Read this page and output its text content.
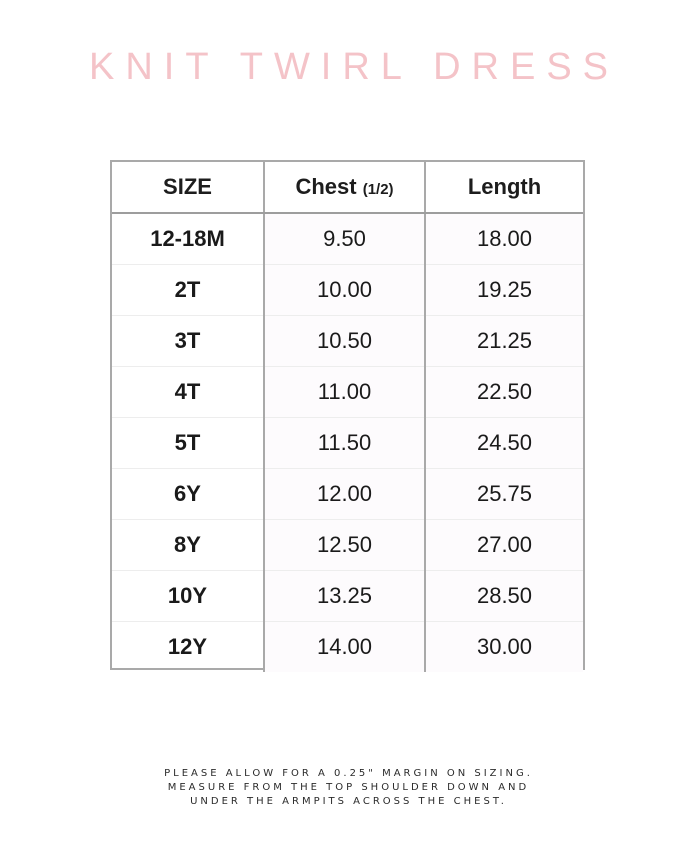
KNIT TWIRL DRESS
SIZE	Chest (1/2)	Length
12-18M	9.50	18.00
2T	10.00	19.25
3T	10.50	21.25
4T	11.00	22.50
5T	11.50	24.50
6Y	12.00	25.75
8Y	12.50	27.00
10Y	13.25	28.50
12Y	14.00	30.00
PLEASE ALLOW FOR A 0.25" MARGIN ON SIZING.
MEASURE FROM THE TOP SHOULDER DOWN AND
UNDER THE ARMPITS ACROSS THE CHEST.
